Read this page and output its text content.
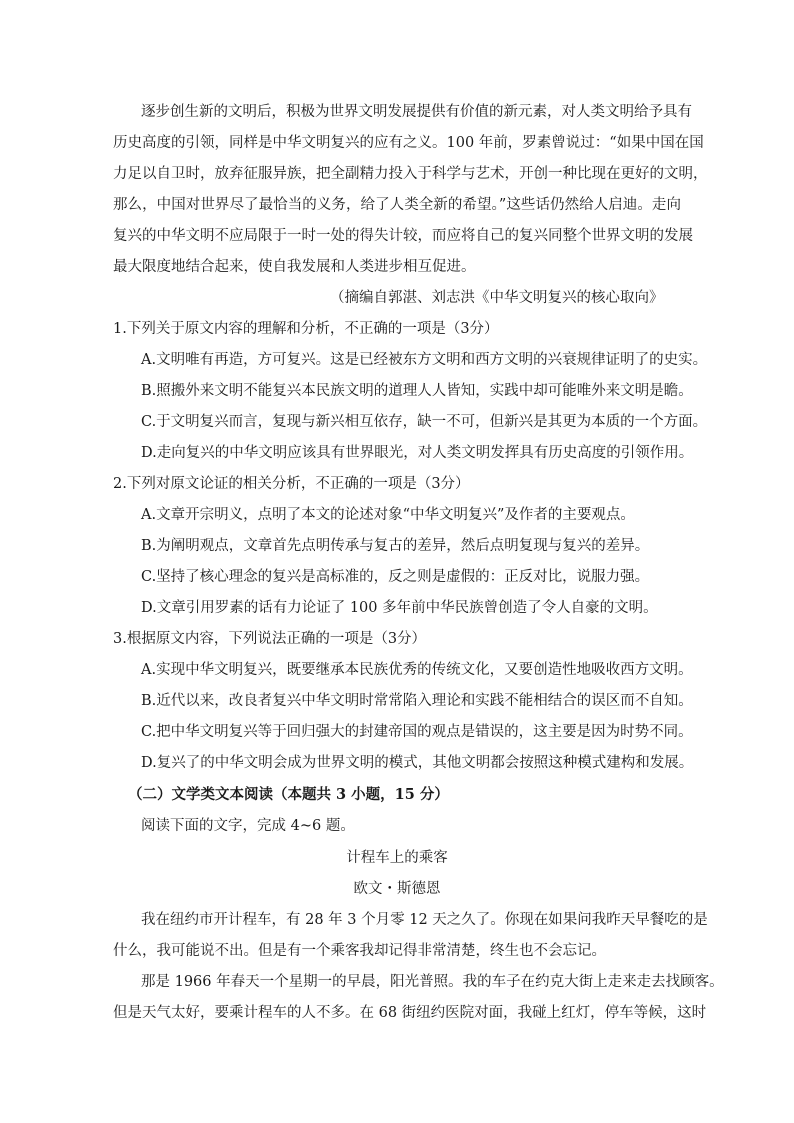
逐步创生新的文明后，积极为世界文明发展提供有价值的新元素，对人类文明给予具有
历史高度的引领，同样是中华文明复兴的应有之义。100 年前，罗素曾说过：“如果中国在国
力足以自卫时，放弃征服异族，把全副精力投入于科学与艺术，开创一种比现在更好的文明，
那么，中国对世界尽了最恰当的义务，给了人类全新的希望。”这些话仍然给人启迪。走向
复兴的中华文明不应局限于一时一处的得失计较，而应将自己的复兴同整个世界文明的发展
最大限度地结合起来，使自我发展和人类进步相互促进。
（摘编自郭湛、刘志洪《中华文明复兴的核心取向》
1.下列关于原文内容的理解和分析，不正确的一项是（3分）
A.文明唯有再造，方可复兴。这是已经被东方文明和西方文明的兴衰规律证明了的史实。
B.照搬外来文明不能复兴本民族文明的道理人人皆知，实践中却可能唯外来文明是瞻。
C.于文明复兴而言，复现与新兴相互依存，缺一不可，但新兴是其更为本质的一个方面。
D.走向复兴的中华文明应该具有世界眼光，对人类文明发挥具有历史高度的引领作用。
2.下列对原文论证的相关分析，不正确的一项是（3分）
A.文章开宗明义，点明了本文的论述对象“中华文明复兴”及作者的主要观点。
B.为阐明观点，文章首先点明传承与复古的差异，然后点明复现与复兴的差异。
C.坚持了核心理念的复兴是高标准的，反之则是虚假的：正反对比，说服力强。
D.文章引用罗素的话有力论证了 100 多年前中华民族曾创造了令人自豪的文明。
3.根据原文内容，下列说法正确的一项是（3分）
A.实现中华文明复兴，既要继承本民族优秀的传统文化，又要创造性地吸收西方文明。
B.近代以来，改良者复兴中华文明时常常陷入理论和实践不能相结合的误区而不自知。
C.把中华文明复兴等于回归强大的封建帝国的观点是错误的，这主要是因为时势不同。
D.复兴了的中华文明会成为世界文明的模式，其他文明都会按照这种模式建构和发展。
（二）文学类文本阅读（本题共 3 小题，15 分）
阅读下面的文字，完成 4~6 题。
计程车上的乘客
欧文・斯德恩
我在纽约市开计程车，有 28 年 3 个月零 12 天之久了。你现在如果问我昨天早餐吃的是
什么，我可能说不出。但是有一个乘客我却记得非常清楚，终生也不会忘记。
那是 1966 年春天一个星期一的早晨，阳光普照。我的车子在约克大街上走来走去找顾客。
但是天气太好，要乘计程车的人不多。在 68 街纽约医院对面，我碰上红灯，停车等候，这时
